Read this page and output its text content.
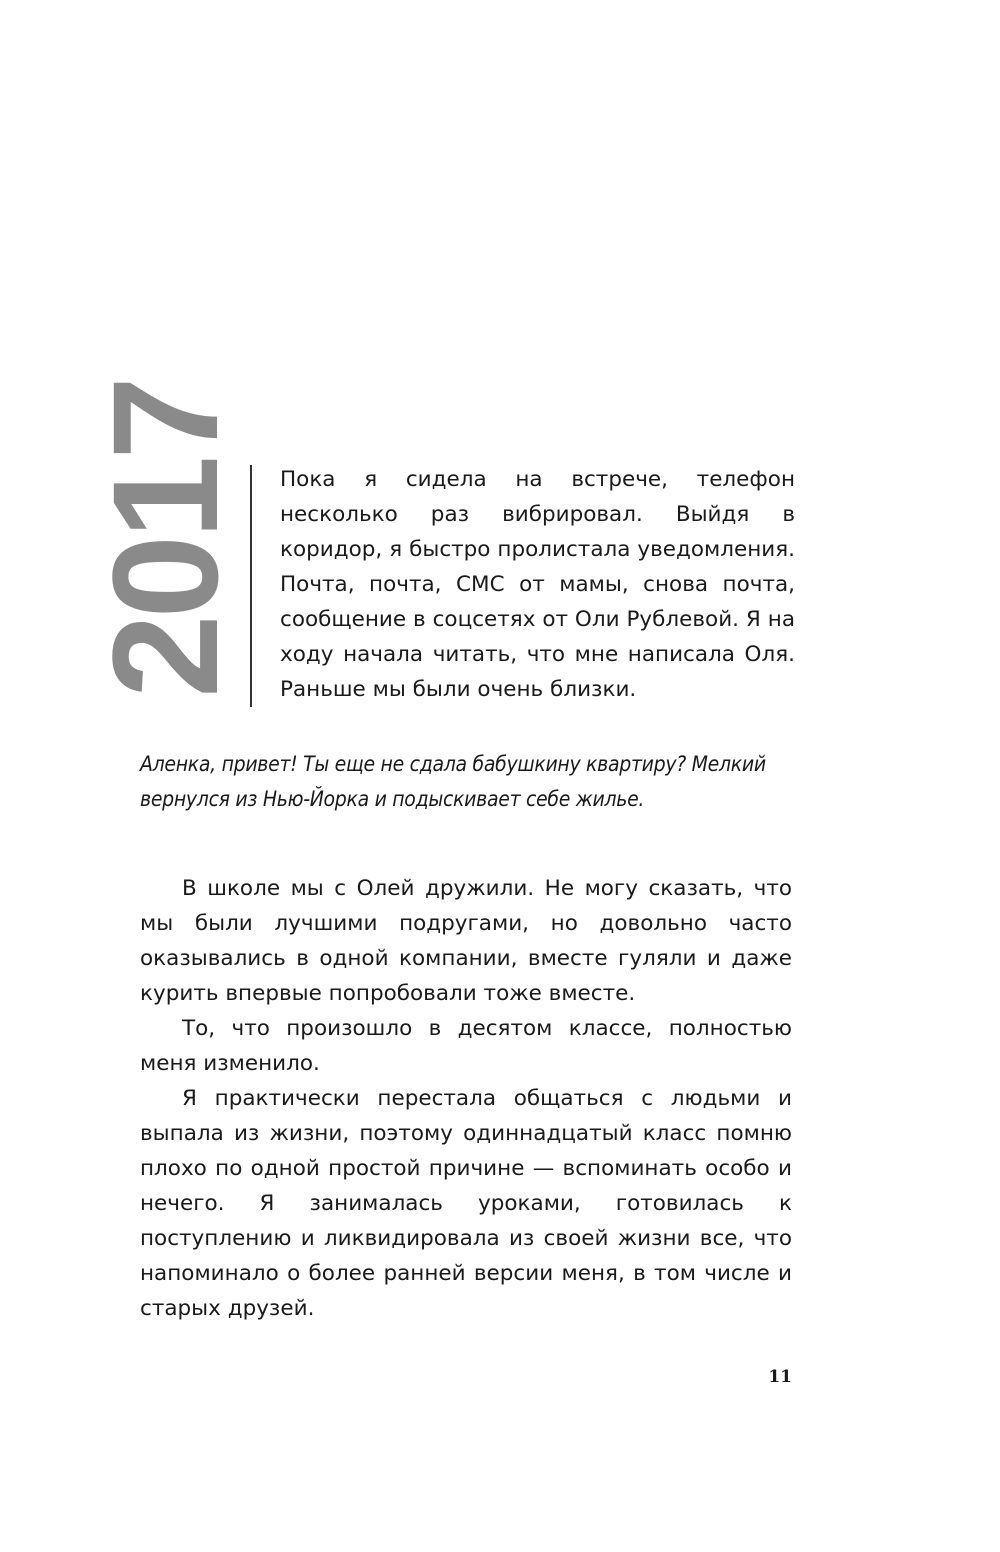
2017 Пока я сидела на встрече, телефон несколько раз вибрировал. Выйдя в коридор, я быстро пролистала уведомления. Почта, почта, СМС от мамы, снова почта, сообщение в соцсетях от Оли Рублевой. Я на ходу начала читать, что мне написала Оля. Раньше мы были очень близки.

Аленка, привет! Ты еще не сдала бабушкину квартиру? Мелкий вернулся из Нью-Йорка и подыскивает себе жилье.

В школе мы с Олей дружили. Не могу сказать, что мы были лучшими подругами, но довольно часто оказывались в одной компании, вместе гуляли и даже курить впервые попробовали тоже вместе.

То, что произошло в десятом классе, полностью меня изменило.

Я практически перестала общаться с людьми и выпала из жизни, поэтому одиннадцатый класс помню плохо по одной простой причине — вспоминать особо и нечего. Я занималась уроками, готовилась к поступлению и ликвидировала из своей жизни все, что напоминало о более ранней версии меня, в том числе и старых друзей.

11
